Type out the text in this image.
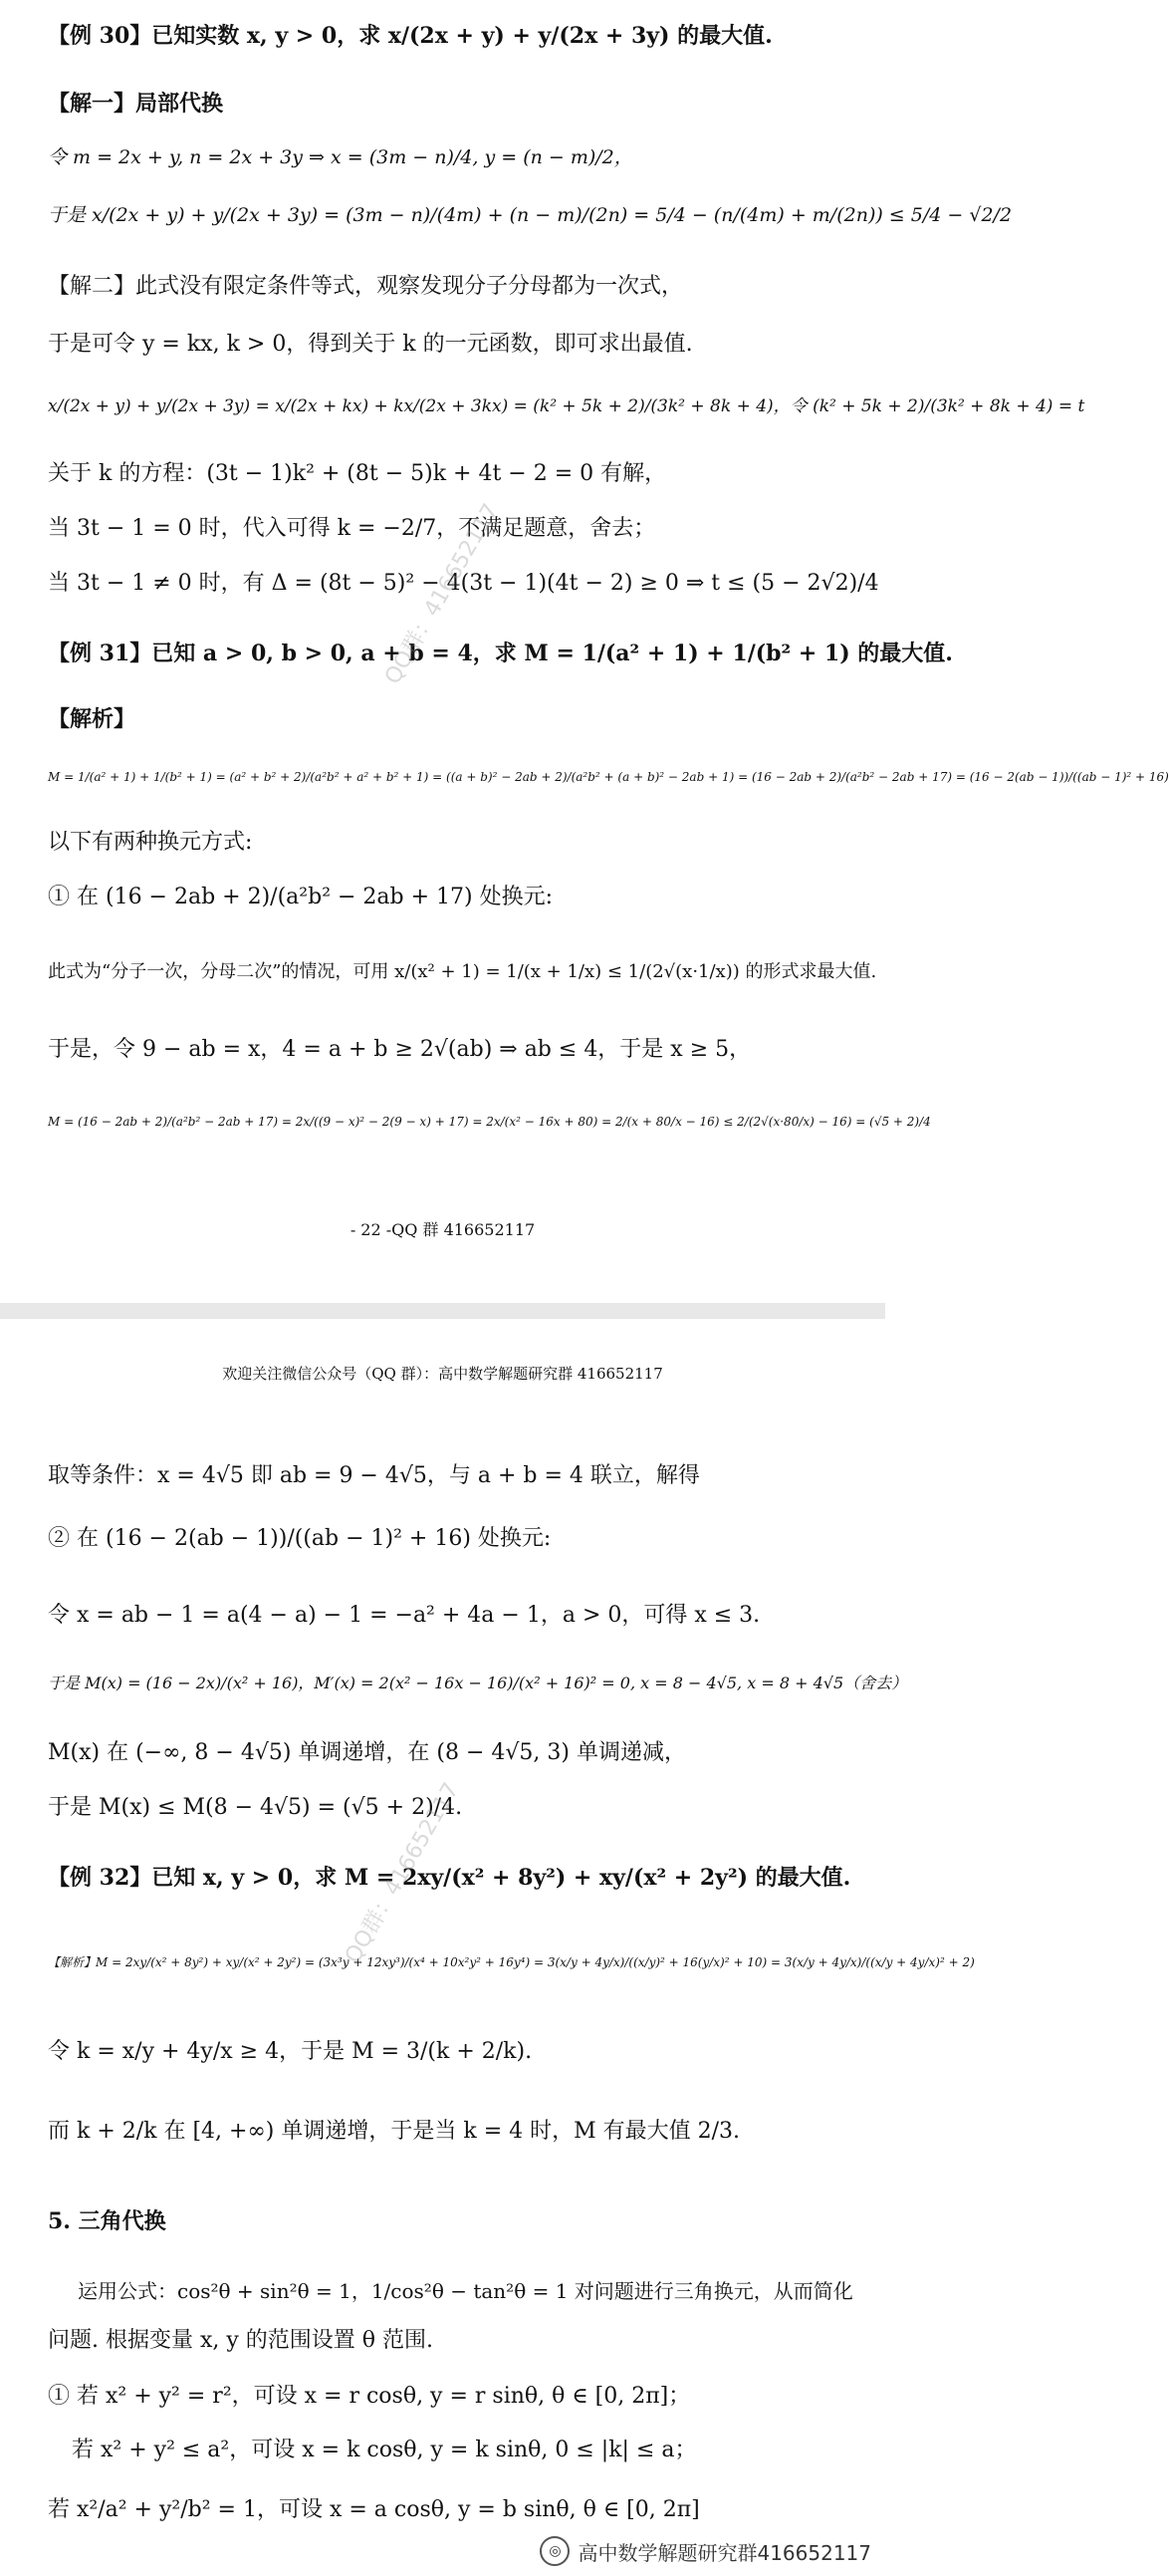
【例 30】已知实数 x, y > 0，求 x/(2x + y) + y/(2x + 3y) 的最大值.
【解一】局部代换
令 m = 2x + y, n = 2x + 3y ⇒ x = (3m − n)/4, y = (n − m)/2，
于是 x/(2x + y) + y/(2x + 3y) = (3m − n)/(4m) + (n − m)/(2n) = 5/4 − (n/(4m) + m/(2n)) ≤ 5/4 − √2/2
【解二】此式没有限定条件等式，观察发现分子分母都为一次式，
于是可令 y = kx, k > 0，得到关于 k 的一元函数，即可求出最值.
x/(2x + y) + y/(2x + 3y) = x/(2x + kx) + kx/(2x + 3kx) = (k² + 5k + 2)/(3k² + 8k + 4)，令 (k² + 5k + 2)/(3k² + 8k + 4) = t
关于 k 的方程：(3t − 1)k² + (8t − 5)k + 4t − 2 = 0 有解，
当 3t − 1 = 0 时，代入可得 k = −2/7，不满足题意，舍去；
当 3t − 1 ≠ 0 时，有 Δ = (8t − 5)² − 4(3t − 1)(4t − 2) ≥ 0 ⇒ t ≤ (5 − 2√2)/4
【例 31】已知 a > 0, b > 0, a + b = 4，求 M = 1/(a² + 1) + 1/(b² + 1) 的最大值.
【解析】
M = 1/(a² + 1) + 1/(b² + 1) = (a² + b² + 2)/(a²b² + a² + b² + 1) = ((a + b)² − 2ab + 2)/(a²b² + (a + b)² − 2ab + 1) = (16 − 2ab + 2)/(a²b² − 2ab + 17) = (16 − 2(ab − 1))/((ab − 1)² + 16)
以下有两种换元方式:
① 在 (16 − 2ab + 2)/(a²b² − 2ab + 17) 处换元:
此式为“分子一次，分母二次”的情况，可用 x/(x² + 1) = 1/(x + 1/x) ≤ 1/(2√(x·1/x)) 的形式求最大值.
于是，令 9 − ab = x，4 = a + b ≥ 2√(ab) ⇒ ab ≤ 4，于是 x ≥ 5，
M = (16 − 2ab + 2)/(a²b² − 2ab + 17) = 2x/((9 − x)² − 2(9 − x) + 17) = 2x/(x² − 16x + 80) = 2/(x + 80/x − 16) ≤ 2/(2√(x·80/x) − 16) = (√5 + 2)/4
- 22 -QQ 群 416652117
QQ群：416652117
欢迎关注微信公众号（QQ 群）：高中数学解题研究群 416652117
取等条件：x = 4√5 即 ab = 9 − 4√5，与 a + b = 4 联立，解得
② 在 (16 − 2(ab − 1))/((ab − 1)² + 16) 处换元:
令 x = ab − 1 = a(4 − a) − 1 = −a² + 4a − 1，a > 0，可得 x ≤ 3.
于是 M(x) = (16 − 2x)/(x² + 16)，M′(x) = 2(x² − 16x − 16)/(x² + 16)² = 0, x = 8 − 4√5, x = 8 + 4√5（舍去）
M(x) 在 (−∞, 8 − 4√5) 单调递增，在 (8 − 4√5, 3) 单调递减，
于是 M(x) ≤ M(8 − 4√5) = (√5 + 2)/4.
【例 32】已知 x, y > 0，求 M = 2xy/(x² + 8y²) + xy/(x² + 2y²) 的最大值.
【解析】M = 2xy/(x² + 8y²) + xy/(x² + 2y²) = (3x³y + 12xy³)/(x⁴ + 10x²y² + 16y⁴) = 3(x/y + 4y/x)/((x/y)² + 16(y/x)² + 10) = 3(x/y + 4y/x)/((x/y + 4y/x)² + 2)
令 k = x/y + 4y/x ≥ 4，于是 M = 3/(k + 2/k).
而 k + 2/k 在 [4, +∞) 单调递增，于是当 k = 4 时，M 有最大值 2/3.
5. 三角代换
运用公式：cos²θ + sin²θ = 1，1/cos²θ − tan²θ = 1 对问题进行三角换元，从而简化
问题. 根据变量 x, y 的范围设置 θ 范围.
① 若 x² + y² = r²，可设 x = r cosθ, y = r sinθ, θ ∈ [0, 2π]；
若 x² + y² ≤ a²，可设 x = k cosθ, y = k sinθ, 0 ≤ |k| ≤ a；
若 x²/a² + y²/b² = 1，可设 x = a cosθ, y = b sinθ, θ ∈ [0, 2π]
QQ群：416652117
◎ 高中数学解题研究群416652117
